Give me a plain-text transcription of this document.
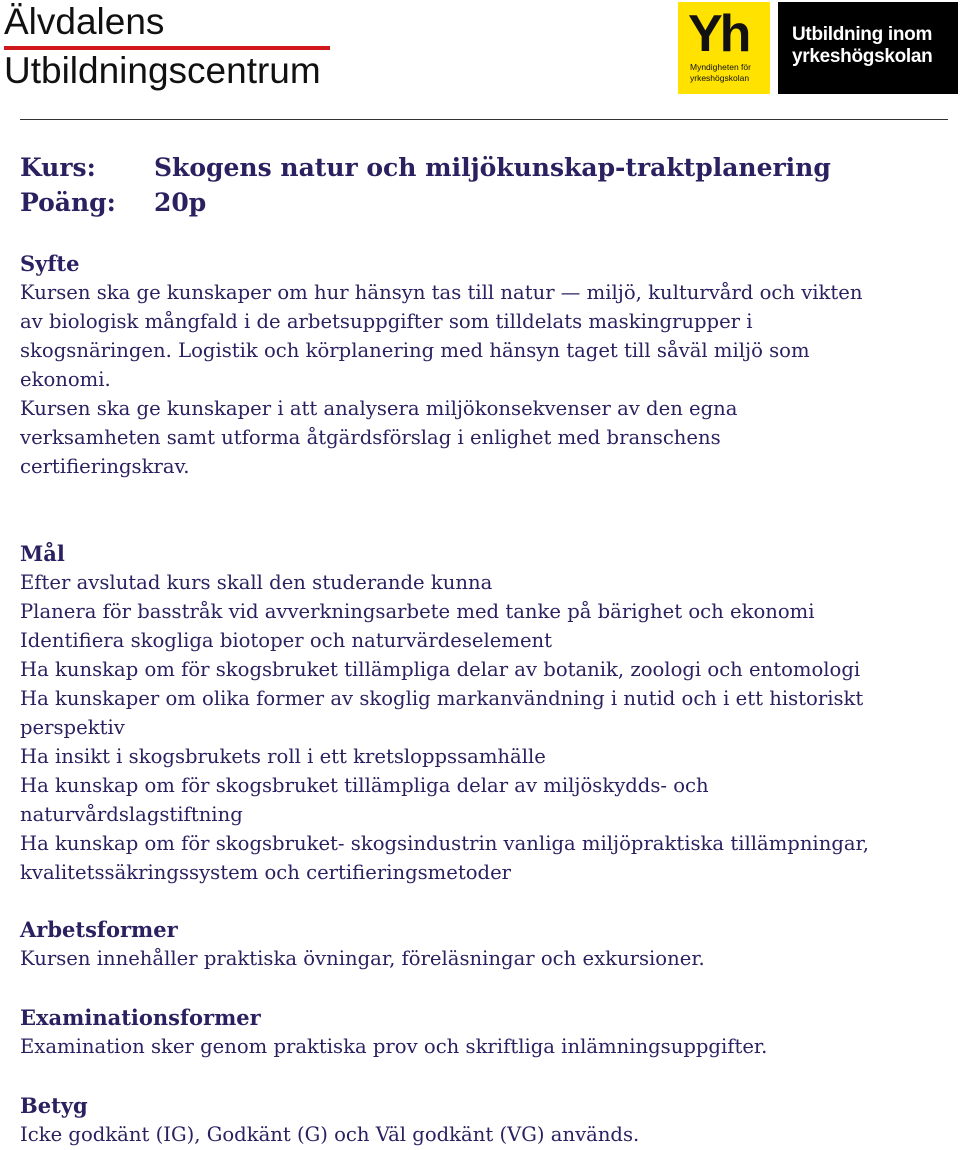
Älvdalens
Utbildningscentrum
Yh
Myndigheten för
yrkeshögskolan
Utbildning inom
yrkeshögskolan
Kurs: Skogens natur och miljökunskap-traktplanering
Poäng: 20p
Syfte

Kursen ska ge kunskaper om hur hänsyn tas till natur — miljö, kulturvård och vikten

av biologisk mångfald i de arbetsuppgifter som tilldelats maskingrupper i

skogsnäringen. Logistik och körplanering med hänsyn taget till såväl miljö som

ekonomi.

Kursen ska ge kunskaper i att analysera miljökonsekvenser av den egna

verksamheten samt utforma åtgärdsförslag i enlighet med branschens

certifieringskrav.

Mål

Efter avslutad kurs skall den studerande kunna

Planera för basstråk vid avverkningsarbete med tanke på bärighet och ekonomi

Identifiera skogliga biotoper och naturvärdeselement

Ha kunskap om för skogsbruket tillämpliga delar av botanik, zoologi och entomologi

Ha kunskaper om olika former av skoglig markanvändning i nutid och i ett historiskt

perspektiv

Ha insikt i skogsbrukets roll i ett kretsloppssamhälle

Ha kunskap om för skogsbruket tillämpliga delar av miljöskydds- och

naturvårdslagstiftning

Ha kunskap om för skogsbruket- skogsindustrin vanliga miljöpraktiska tillämpningar,

kvalitetssäkringssystem och certifieringsmetoder

Arbetsformer

Kursen innehåller praktiska övningar, föreläsningar och exkursioner.

Examinationsformer

Examination sker genom praktiska prov och skriftliga inlämningsuppgifter.

Betyg

Icke godkänt (IG), Godkänt (G) och Väl godkänt (VG) används.
